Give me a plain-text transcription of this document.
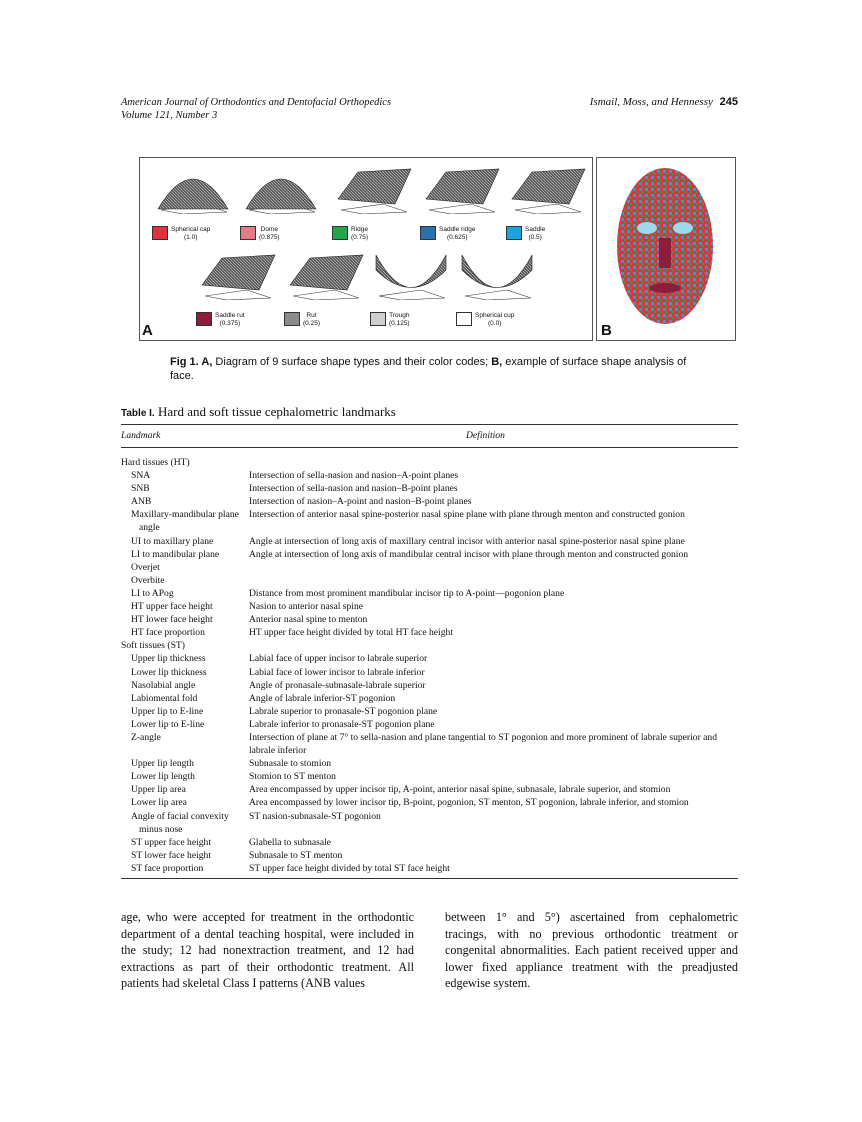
American Journal of Orthodontics and Dentofacial Orthopedics
Volume 121, Number 3
Ismail, Moss, and Hennessy 245
Spherical cap
(1.0)
Dome
(0.875)
Ridge
(0.75)
Saddle ridge
(0.625)
Saddle
(0.5)
Saddle rut
(0.375)
Rut
(0.25)
Trough
(0.125)
Spherical cup
(0.0)
A	B
Fig 1. A, Diagram of 9 surface shape types and their color codes; B, example of surface shape analysis of face.
Table I. Hard and soft tissue cephalometric landmarks
Landmark	Definition
Hard tissues (HT)	

SNA	Intersection of sella-nasion and nasion–A-point planes

SNB	Intersection of sella-nasion and nasion–B-point planes

ANB	Intersection of nasion–A-point and nasion–B-point planes

Maxillary-mandibular plane angle	Intersection of anterior nasal spine-posterior nasal spine plane with plane through menton and constructed gonion

UI to maxillary plane	Angle at intersection of long axis of maxillary central incisor with anterior nasal spine-posterior nasal spine plane

LI to mandibular plane	Angle at intersection of long axis of mandibular central incisor with plane through menton and constructed gonion

Overjet	

Overbite	

LI to APog	Distance from most prominent mandibular incisor tip to A-point—pogonion plane

HT upper face height	Nasion to anterior nasal spine

HT lower face height	Anterior nasal spine to menton

HT face proportion	HT upper face height divided by total HT face height
Soft tissues (ST)	

Upper lip thickness	Labial face of upper incisor to labrale superior

Lower lip thickness	Labial face of lower incisor to labrale inferior

Nasolabial angle	Angle of pronasale-subnasale-labrale superior

Labiomental fold	Angle of labrale inferior-ST pogonion

Upper lip to E-line	Labrale superior to pronasale-ST pogonion plane

Lower lip to E-line	Labrale inferior to pronasale-ST pogonion plane

Z-angle	Intersection of plane at 7° to sella-nasion and plane tangential to ST pogonion and more prominent of labrale superior and labrale inferior

Upper lip length	Subnasale to stomion

Lower lip length	Stomion to ST menton

Upper lip area	Area encompassed by upper incisor tip, A-point, anterior nasal spine, subnasale, labrale superior, and stomion

Lower lip area	Area encompassed by lower incisor tip, B-point, pogonion, ST menton, ST pogonion, labrale inferior, and stomion

Angle of facial convexity minus nose	ST nasion-subnasale-ST pogonion

ST upper face height	Glabella to subnasale

ST lower face height	Subnasale to ST menton

ST face proportion	ST upper face height divided by total ST face height
age, who were accepted for treatment in the orthodontic department of a dental teaching hospital, were included in the study; 12 had nonextraction treatment, and 12 had extractions as part of their orthodontic treatment. All patients had skeletal Class I patterns (ANB values
between 1° and 5°) ascertained from cephalometric tracings, with no previous orthodontic treatment or congenital abnormalities. Each patient received upper and lower fixed appliance treatment with the preadjusted edgewise system.
